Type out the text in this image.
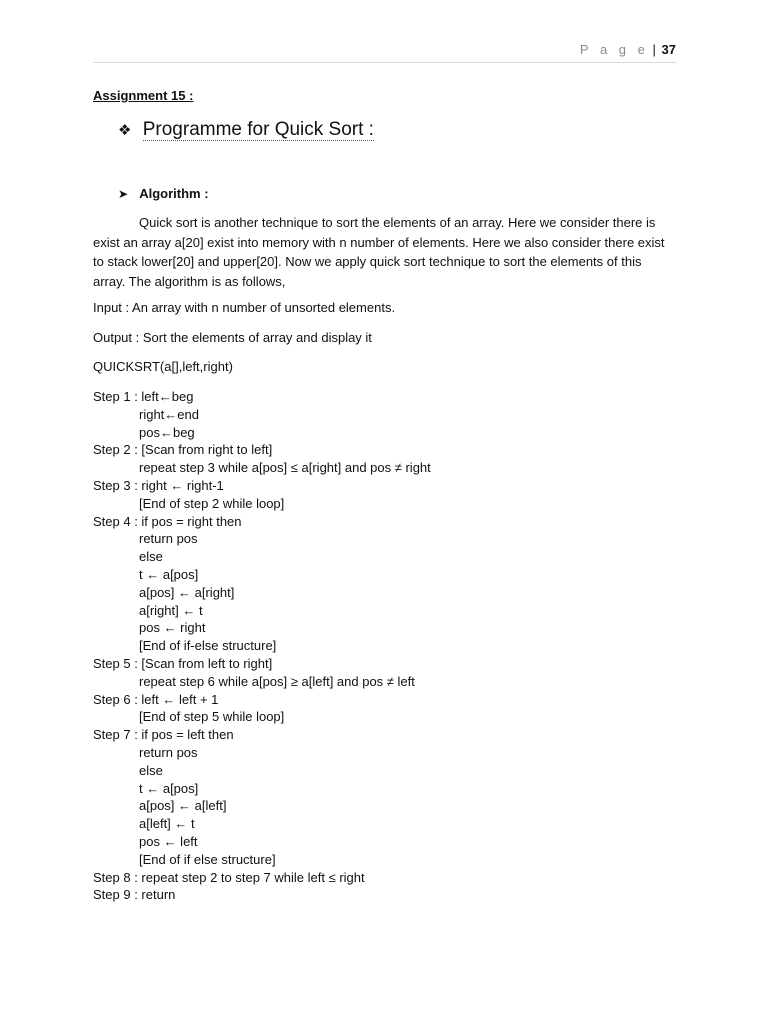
P a g e | 37
Assignment 15 :
❖ Programme for Quick Sort :
➤ Algorithm :
Quick sort is another technique to sort the elements of an array. Here we consider there is exist an array a[20] exist into memory with n number of elements. Here we also consider there exist to stack lower[20] and upper[20]. Now we apply quick sort technique to sort the elements of this array. The algorithm is as follows,
Input : An array with n number of unsorted elements.
Output : Sort the elements of array and display it
QUICKSRT(a[],left,right)
Step 1 : left←beg
right←end
pos←beg
Step 2 : [Scan from right to left]
repeat step 3 while a[pos] ≤ a[right] and pos ≠ right
Step 3 : right ← right-1
[End of step 2 while loop]
Step 4 : if pos = right then
return pos
else
t ← a[pos]
a[pos] ← a[right]
a[right] ← t
pos ← right
[End of if-else structure]
Step 5 : [Scan from left to right]
repeat step 6 while a[pos] ≥ a[left] and pos ≠ left
Step 6 : left ← left + 1
[End of step 5 while loop]
Step 7 : if pos = left then
return pos
else
t ← a[pos]
a[pos] ← a[left]
a[left] ← t
pos ← left
[End of if else structure]
Step 8 : repeat step 2 to step 7 while left ≤ right
Step 9 : return
